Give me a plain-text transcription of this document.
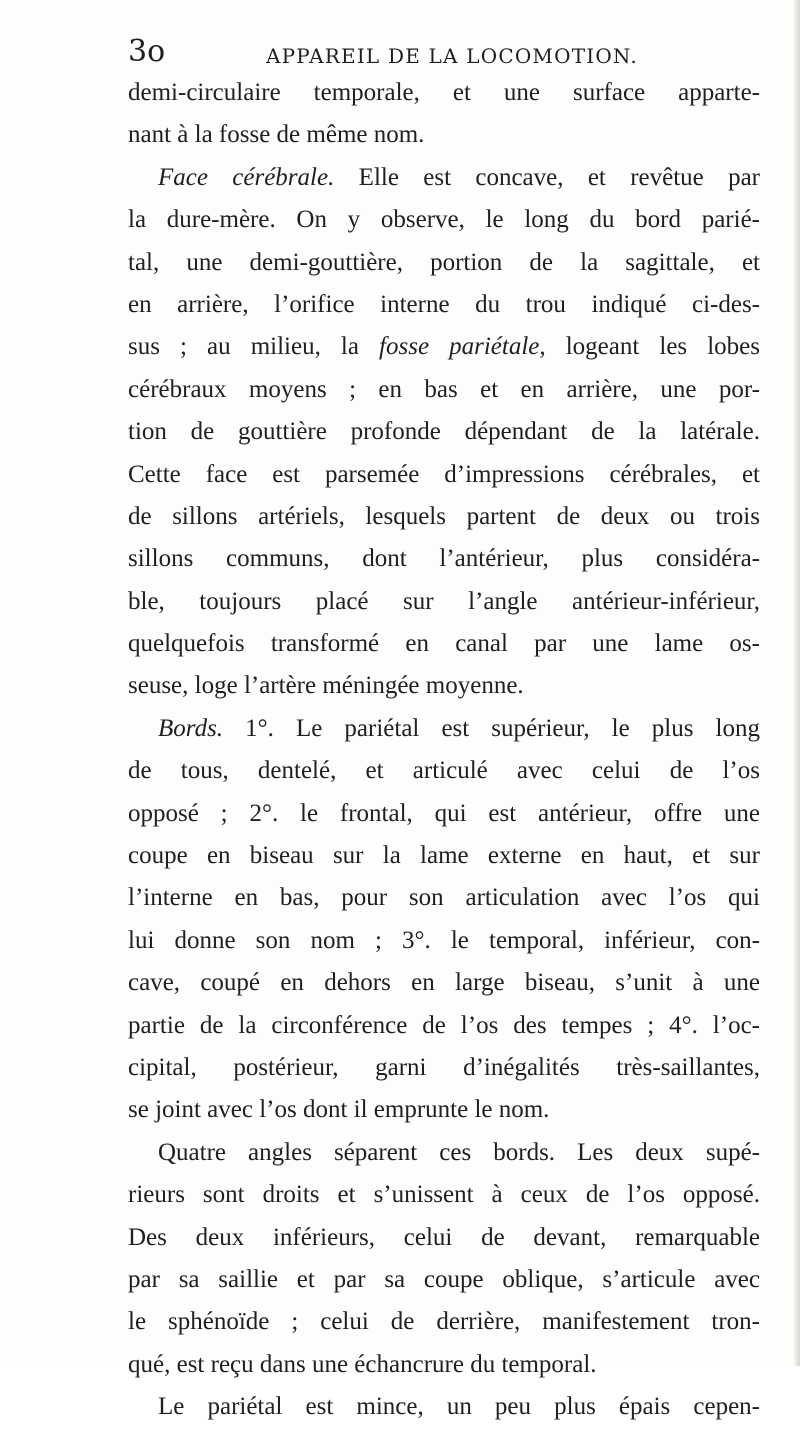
3o	APPAREIL DE LA LOCOMOTION.
demi-circulaire temporale, et une surface apparte-
nant à la fosse de même nom.
Face cérébrale. Elle est concave, et revêtue par
la dure-mère. On y observe, le long du bord parié-
tal, une demi-gouttière, portion de la sagittale, et
en arrière, l’orifice interne du trou indiqué ci-des-
sus ; au milieu, la fosse pariétale, logeant les lobes
cérébraux moyens ; en bas et en arrière, une por-
tion de gouttière profonde dépendant de la latérale.
Cette face est parsemée d’impressions cérébrales, et
de sillons artériels, lesquels partent de deux ou trois
sillons communs, dont l’antérieur, plus considéra-
ble, toujours placé sur l’angle antérieur-inférieur,
quelquefois transformé en canal par une lame os-
seuse, loge l’artère méningée moyenne.
Bords. 1°. Le pariétal est supérieur, le plus long
de tous, dentelé, et articulé avec celui de l’os
opposé ; 2°. le frontal, qui est antérieur, offre une
coupe en biseau sur la lame externe en haut, et sur
l’interne en bas, pour son articulation avec l’os qui
lui donne son nom ; 3°. le temporal, inférieur, con-
cave, coupé en dehors en large biseau, s’unit à une
partie de la circonférence de l’os des tempes ; 4°. l’oc-
cipital, postérieur, garni d’inégalités très-saillantes,
se joint avec l’os dont il emprunte le nom.
Quatre angles séparent ces bords. Les deux supé-
rieurs sont droits et s’unissent à ceux de l’os opposé.
Des deux inférieurs, celui de devant, remarquable
par sa saillie et par sa coupe oblique, s’articule avec
le sphénoïde ; celui de derrière, manifestement tron-
qué, est reçu dans une échancrure du temporal.
Le pariétal est mince, un peu plus épais cepen-
